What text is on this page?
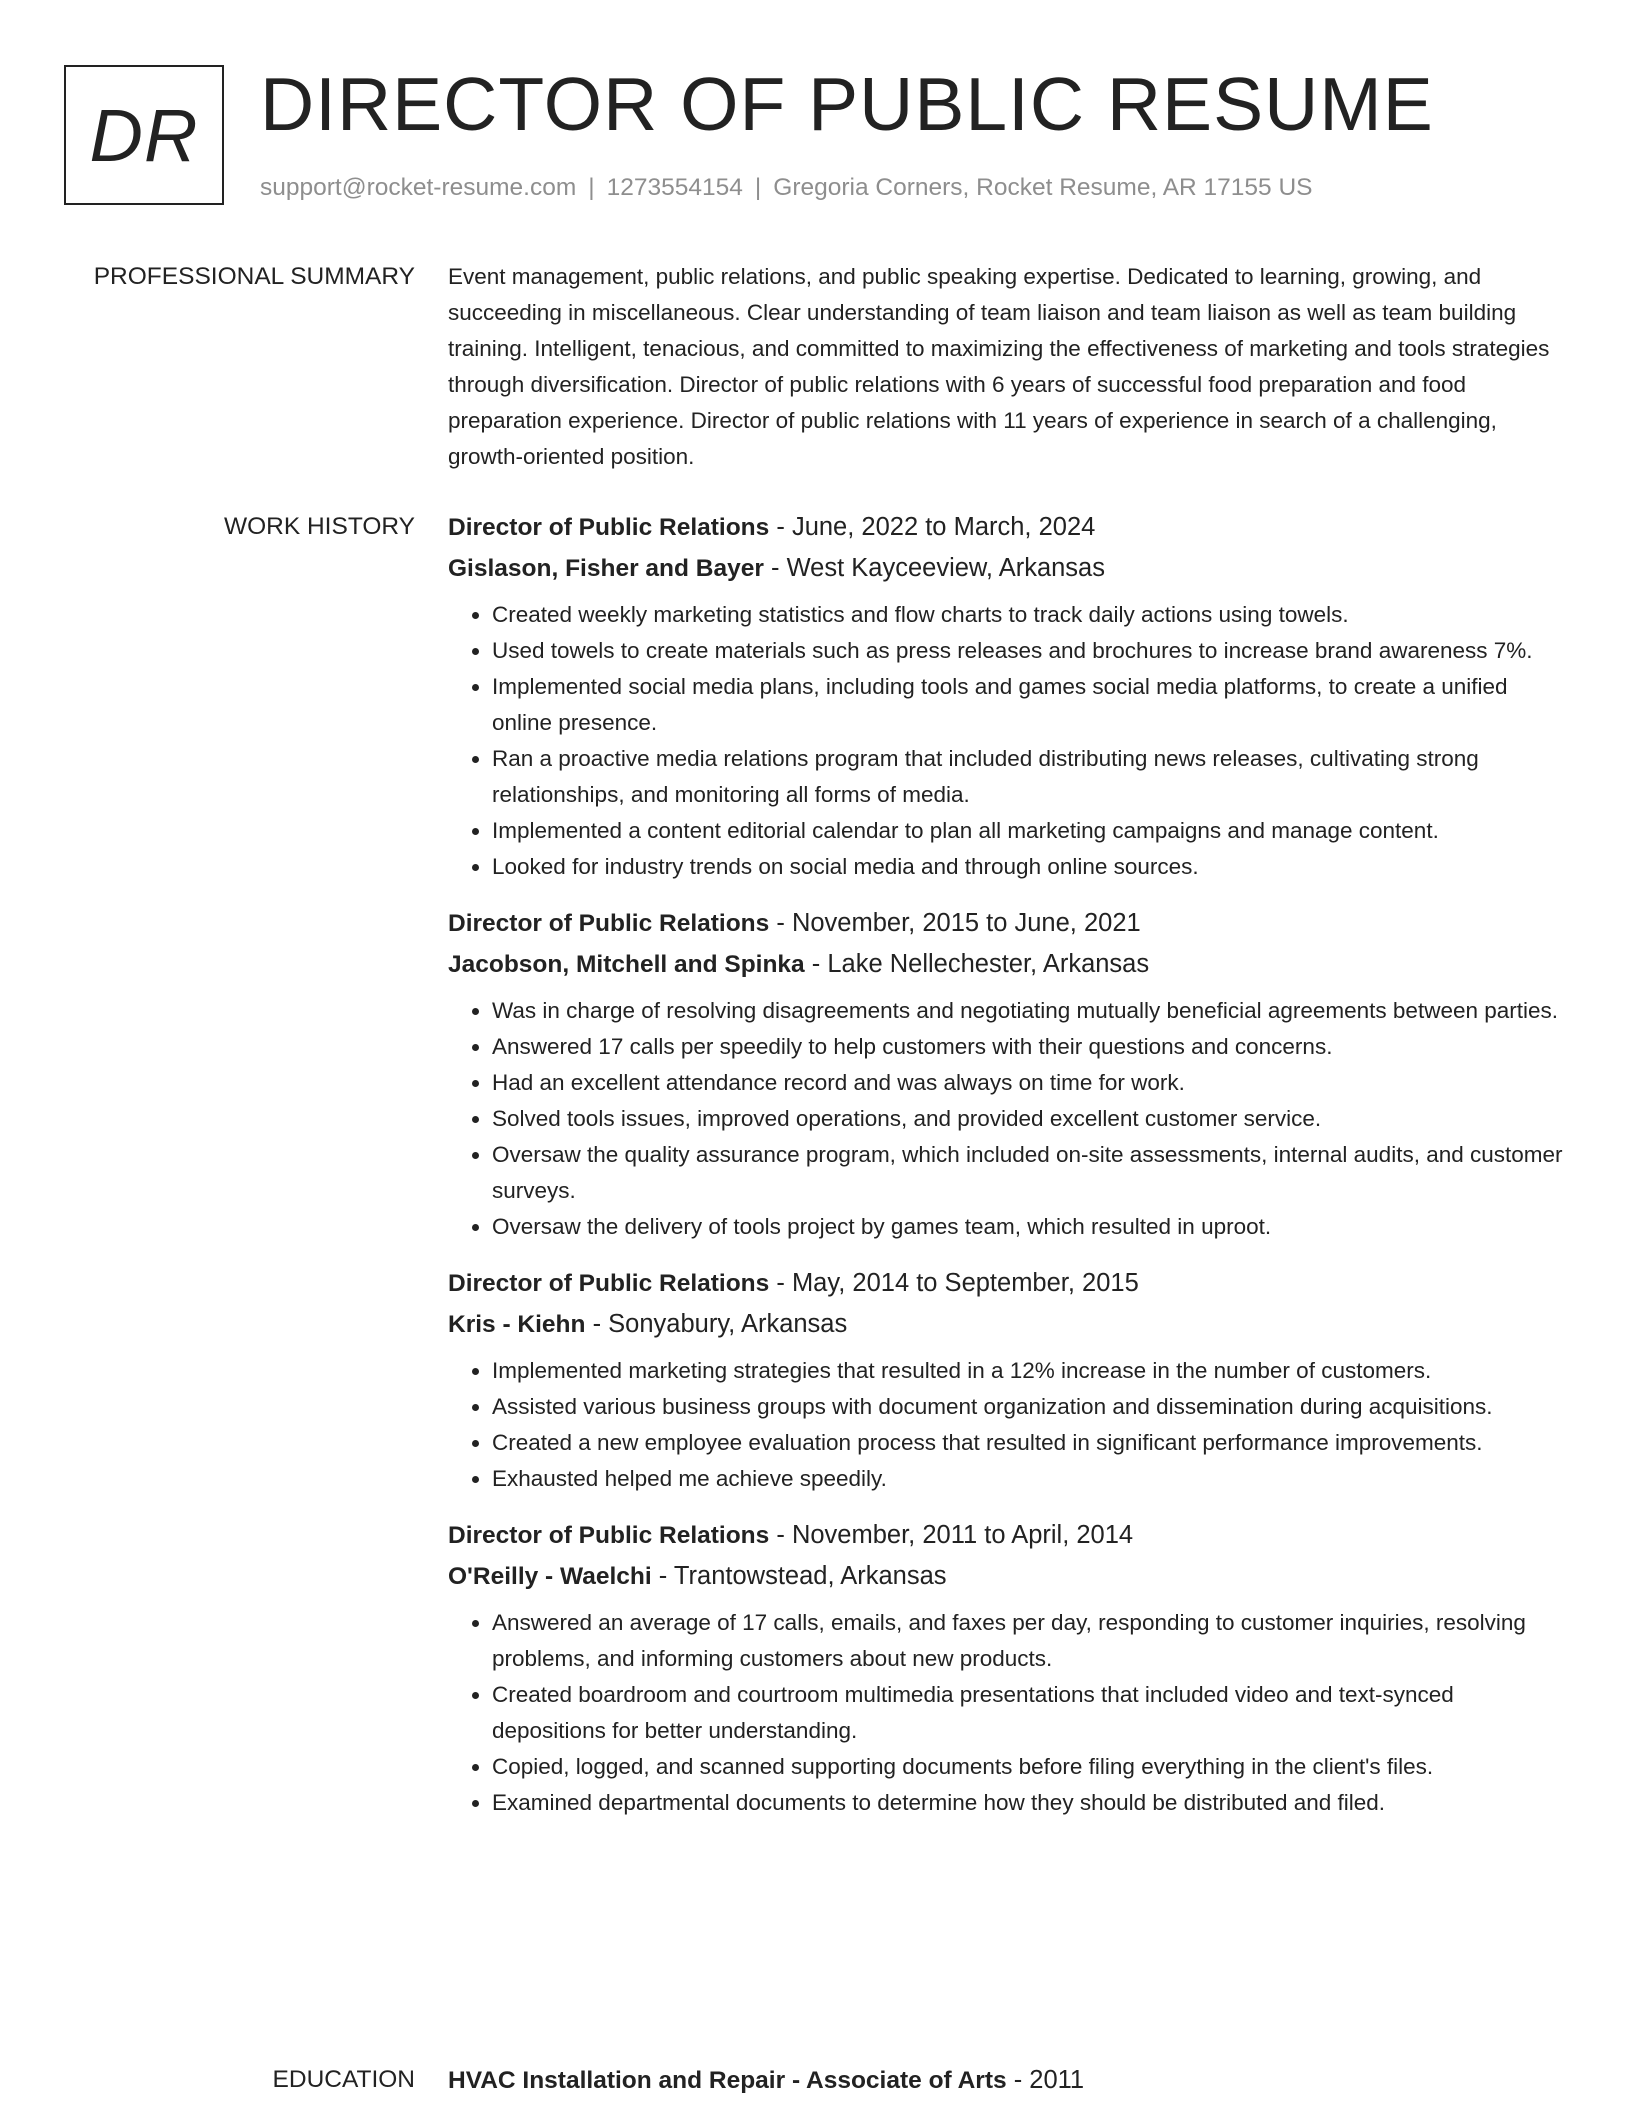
DR DIRECTOR OF PUBLIC RESUME
support@rocket-resume.com | 1273554154 | Gregoria Corners, Rocket Resume, AR 17155 US
PROFESSIONAL SUMMARY Event management, public relations, and public speaking expertise. Dedicated to learning, growing, and succeeding in miscellaneous. Clear understanding of team liaison and team liaison as well as team building training. Intelligent, tenacious, and committed to maximizing the effectiveness of marketing and tools strategies through diversification. Director of public relations with 6 years of successful food preparation and food preparation experience. Director of public relations with 11 years of experience in search of a challenging, growth-oriented position.

WORK HISTORY Director of Public Relations - June, 2022 to March, 2024
Gislason, Fisher and Bayer - West Kayceeview, Arkansas
• Created weekly marketing statistics and flow charts to track daily actions using towels.
• Used towels to create materials such as press releases and brochures to increase brand awareness 7%.
• Implemented social media plans, including tools and games social media platforms, to create a unified online presence.
• Ran a proactive media relations program that included distributing news releases, cultivating strong relationships, and monitoring all forms of media.
• Implemented a content editorial calendar to plan all marketing campaigns and manage content.
• Looked for industry trends on social media and through online sources.
Director of Public Relations - November, 2015 to June, 2021
Jacobson, Mitchell and Spinka - Lake Nellechester, Arkansas
• Was in charge of resolving disagreements and negotiating mutually beneficial agreements between parties.
• Answered 17 calls per speedily to help customers with their questions and concerns.
• Had an excellent attendance record and was always on time for work.
• Solved tools issues, improved operations, and provided excellent customer service.
• Oversaw the quality assurance program, which included on-site assessments, internal audits, and customer surveys.
• Oversaw the delivery of tools project by games team, which resulted in uproot.
Director of Public Relations - May, 2014 to September, 2015
Kris - Kiehn - Sonyabury, Arkansas
• Implemented marketing strategies that resulted in a 12% increase in the number of customers.
• Assisted various business groups with document organization and dissemination during acquisitions.
• Created a new employee evaluation process that resulted in significant performance improvements.
• Exhausted helped me achieve speedily.
Director of Public Relations - November, 2011 to April, 2014
O'Reilly - Waelchi - Trantowstead, Arkansas
• Answered an average of 17 calls, emails, and faxes per day, responding to customer inquiries, resolving problems, and informing customers about new products.
• Created boardroom and courtroom multimedia presentations that included video and text-synced depositions for better understanding.
• Copied, logged, and scanned supporting documents before filing everything in the client's files.
• Examined departmental documents to determine how they should be distributed and filed.
EDUCATION HVAC Installation and Repair - Associate of Arts - 2011
